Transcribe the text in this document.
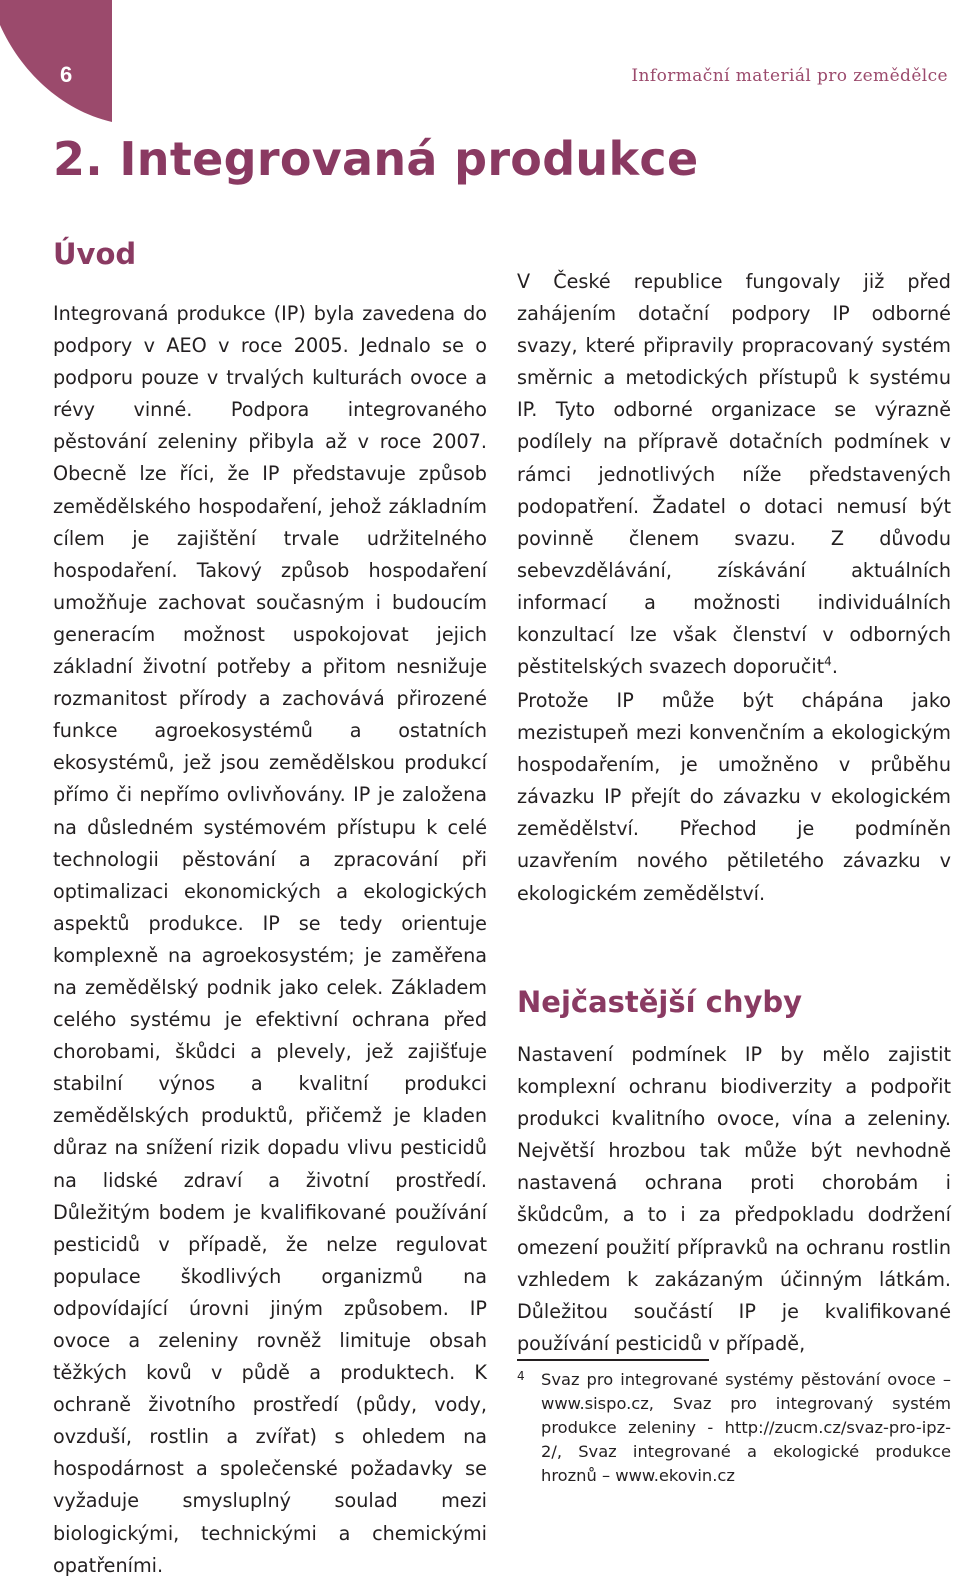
6	Informační materiál pro zemědělce
2. Integrovaná produkce
Úvod

Integrovaná produkce (IP) byla zavedena do podpory v AEO v roce 2005. Jednalo se o podporu pouze v trvalých kulturách ovoce a révy vinné. Podpora integrovaného pěstování zeleniny přibyla až v roce 2007. Obecně lze říci, že IP představuje způsob zemědělského hospodaření, jehož základním cílem je zajištění trvale udržitelného hospodaření. Takový způsob hospodaření umožňuje zachovat současným i budoucím generacím možnost uspokojovat jejich základní životní potřeby a přitom nesnižuje rozmanitost přírody a zachovává přirozené funkce agroekosystémů a ostatních ekosystémů, jež jsou zemědělskou produkcí přímo či nepřímo ovlivňovány. IP je založena na důsledném systémovém přístupu k celé technologii pěstování a zpracování při optimalizaci ekonomických a ekologických aspektů produkce. IP se tedy orientuje komplexně na agroekosystém; je zaměřena na zemědělský podnik jako celek. Základem celého systému je efektivní ochrana před chorobami, škůdci a plevely, jež zajišťuje stabilní výnos a kvalitní produkci zemědělských produktů, přičemž je kladen důraz na snížení rizik dopadu vlivu pesticidů na lidské zdraví a životní prostředí. Důležitým bodem je kvalifikované používání pesticidů v případě, že nelze regulovat populace škodlivých organizmů na odpovídající úrovni jiným způsobem. IP ovoce a zeleniny rovněž limituje obsah těžkých kovů v půdě a produktech. K ochraně životního prostředí (půdy, vody, ovzduší, rostlin a zvířat) s ohledem na hospodárnost a společenské požadavky se vyžaduje smysluplný soulad mezi biologickými, technickými a chemickými opatřeními.

V České republice fungovaly již před zahájením dotační podpory IP odborné svazy, které připravily propracovaný systém směrnic a metodických přístupů k systému IP. Tyto odborné organizace se výrazně podílely na přípravě dotačních podmínek v rámci jednotlivých níže představených podopatření. Žadatel o dotaci nemusí být povinně členem svazu. Z důvodu sebevzdělávání, získávání aktuálních informací a možnosti individuálních konzultací lze však členství v odborných pěstitelských svazech doporučit$^4$.

Protože IP může být chápána jako mezistupeň mezi konvenčním a ekologickým hospodařením, je umožněno v průběhu závazku IP přejít do závazku v ekologickém zemědělství. Přechod je podmíněn uzavřením nového pětiletého závazku v ekologickém zemědělství.

Nejčastější chyby

Nastavení podmínek IP by mělo zajistit komplexní ochranu biodiverzity a podpořit produkci kvalitního ovoce, vína a zeleniny. Největší hrozbou tak může být nevhodně nastavená ochrana proti chorobám i škůdcům, a to i za předpokladu dodržení omezení použití přípravků na ochranu rostlin vzhledem k zakázaným účinným látkám. Důležitou součástí IP je kvalifikované používání pesticidů v případě,

4 Svaz pro integrované systémy pěstování ovoce – www.sispo.cz, Svaz pro integrovaný systém produkce zeleniny - http://zucm.cz/svaz-pro-ipz-2/, Svaz integrované a ekologické produkce hroznů – www.ekovin.cz
